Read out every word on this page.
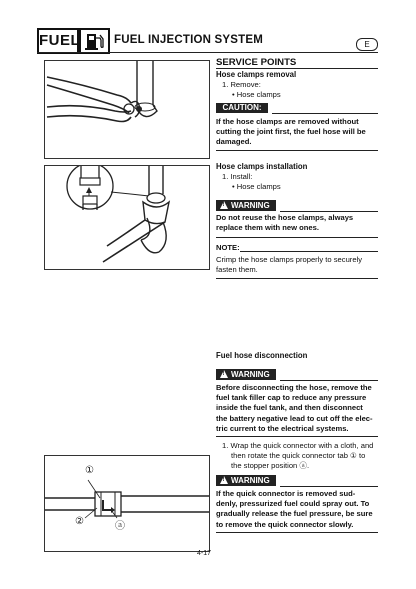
FUEL	FUEL INJECTION SYSTEM	E
①
②	ⓐ
SERVICE POINTS
Hose clamps removal
1. Remove:
• Hose clamps
CAUTION:
If the hose clamps are removed without
cutting the joint first, the fuel hose will be
damaged.
Hose clamps installation
1. Install:
• Hose clamps
!WARNING
Do not reuse the hose clamps, always
replace them with new ones.
NOTE:
Crimp the hose clamps properly to securely
fasten them.
Fuel hose disconnection
!WARNING
Before disconnecting the hose, remove the
fuel tank filler cap to reduce any pressure
inside the fuel tank, and then disconnect
the battery negative lead to cut off the elec-
tric current to the electrical systems.
1. Wrap the quick connector with a cloth, and
then rotate the quick connector tab ① to
the stopper position ⓐ.
!WARNING
If the quick connector is removed sud-
denly, pressurized fuel could spray out. To
gradually release the fuel pressure, be sure
to remove the quick connector slowly.
4-17
